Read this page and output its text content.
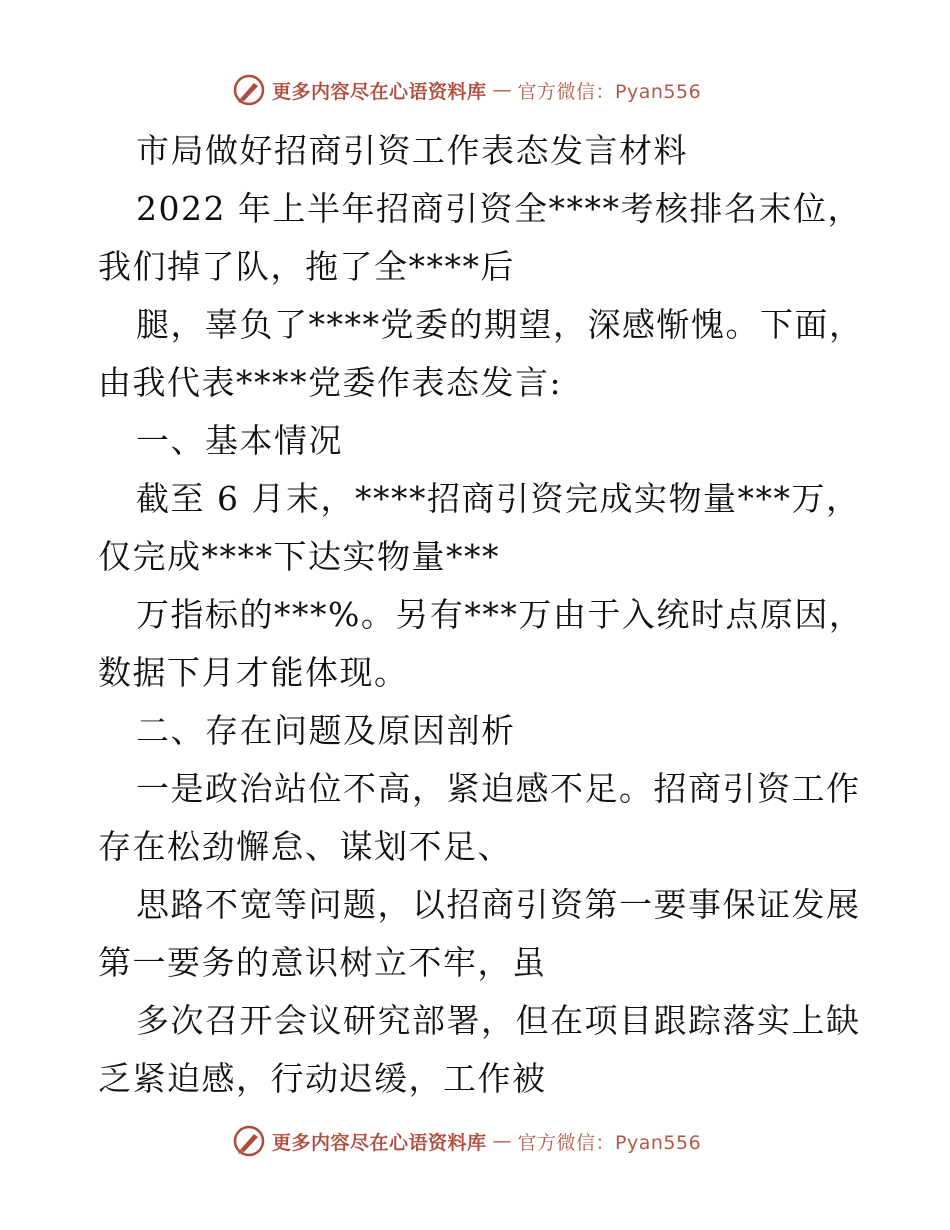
更多内容尽在心语资料库 — 官方微信：Pyan556

市局做好招商引资工作表态发言材料

2022 年上半年招商引资全****考核排名末位，

我们掉了队，拖了全****后

腿，辜负了****党委的期望，深感惭愧。下面，

由我代表****党委作表态发言:

一、基本情况

截至 6 月末，****招商引资完成实物量***万，

仅完成****下达实物量***

万指标的***%。另有***万由于入统时点原因，

数据下月才能体现。

二、存在问题及原因剖析

一是政治站位不高，紧迫感不足。招商引资工作

存在松劲懈怠、谋划不足、

思路不宽等问题，以招商引资第一要事保证发展

第一要务的意识树立不牢，虽

多次召开会议研究部署，但在项目跟踪落实上缺

乏紧迫感，行动迟缓，工作被

更多内容尽在心语资料库 — 官方微信：Pyan556
